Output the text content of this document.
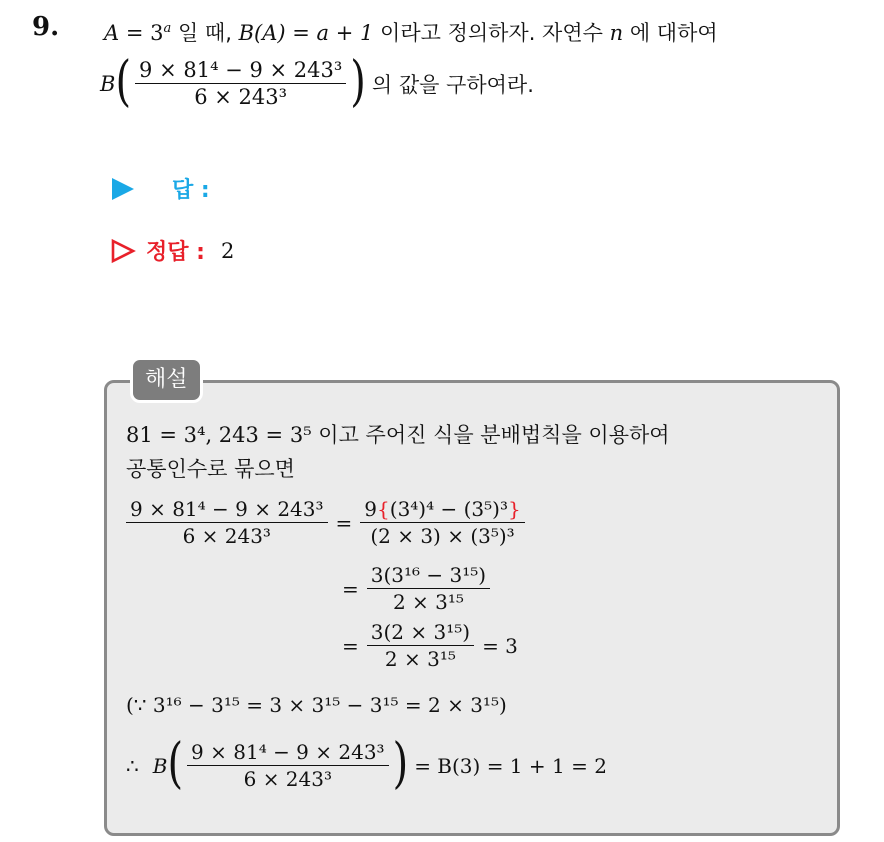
9. $A = 3^a$ 일 때, B(A) = a + 1 이라고 정의하자. 자연수 n 에 대하여
B ( $\frac{\text{9 × 81⁴ − 9 × 243³}}{\text{6 × 243³}}$ ) 의 값을 구하여라.
답 :
정답 : 2
해설
81 = 3⁴, 243 = 3⁵ 이고 주어진 식을 분배법칙을 이용하여
공통인수로 묶으면
$\frac{\text{9 × 81⁴ − 9 × 243³}}{\text{6 × 243³}} = \frac{\text{9\{(3⁴)⁴ − (3⁵)³\}}}{\text{(2 × 3) × (3⁵)³}}$
= $\frac{\text{3(3¹⁶ − 3¹⁵)}}{\text{2 × 3¹⁵}}$
= $\frac{\text{3(2 × 3¹⁵)}}{\text{2 × 3¹⁵}} = 3$
(∵ 3¹⁶ − 3¹⁵ = 3 × 3¹⁵ − 3¹⁵ = 2 × 3¹⁵)
∴ B ( $\frac{\text{9 × 81⁴ − 9 × 243³}}{\text{6 × 243³}}$ ) = B(3) = 1 + 1 = 2
